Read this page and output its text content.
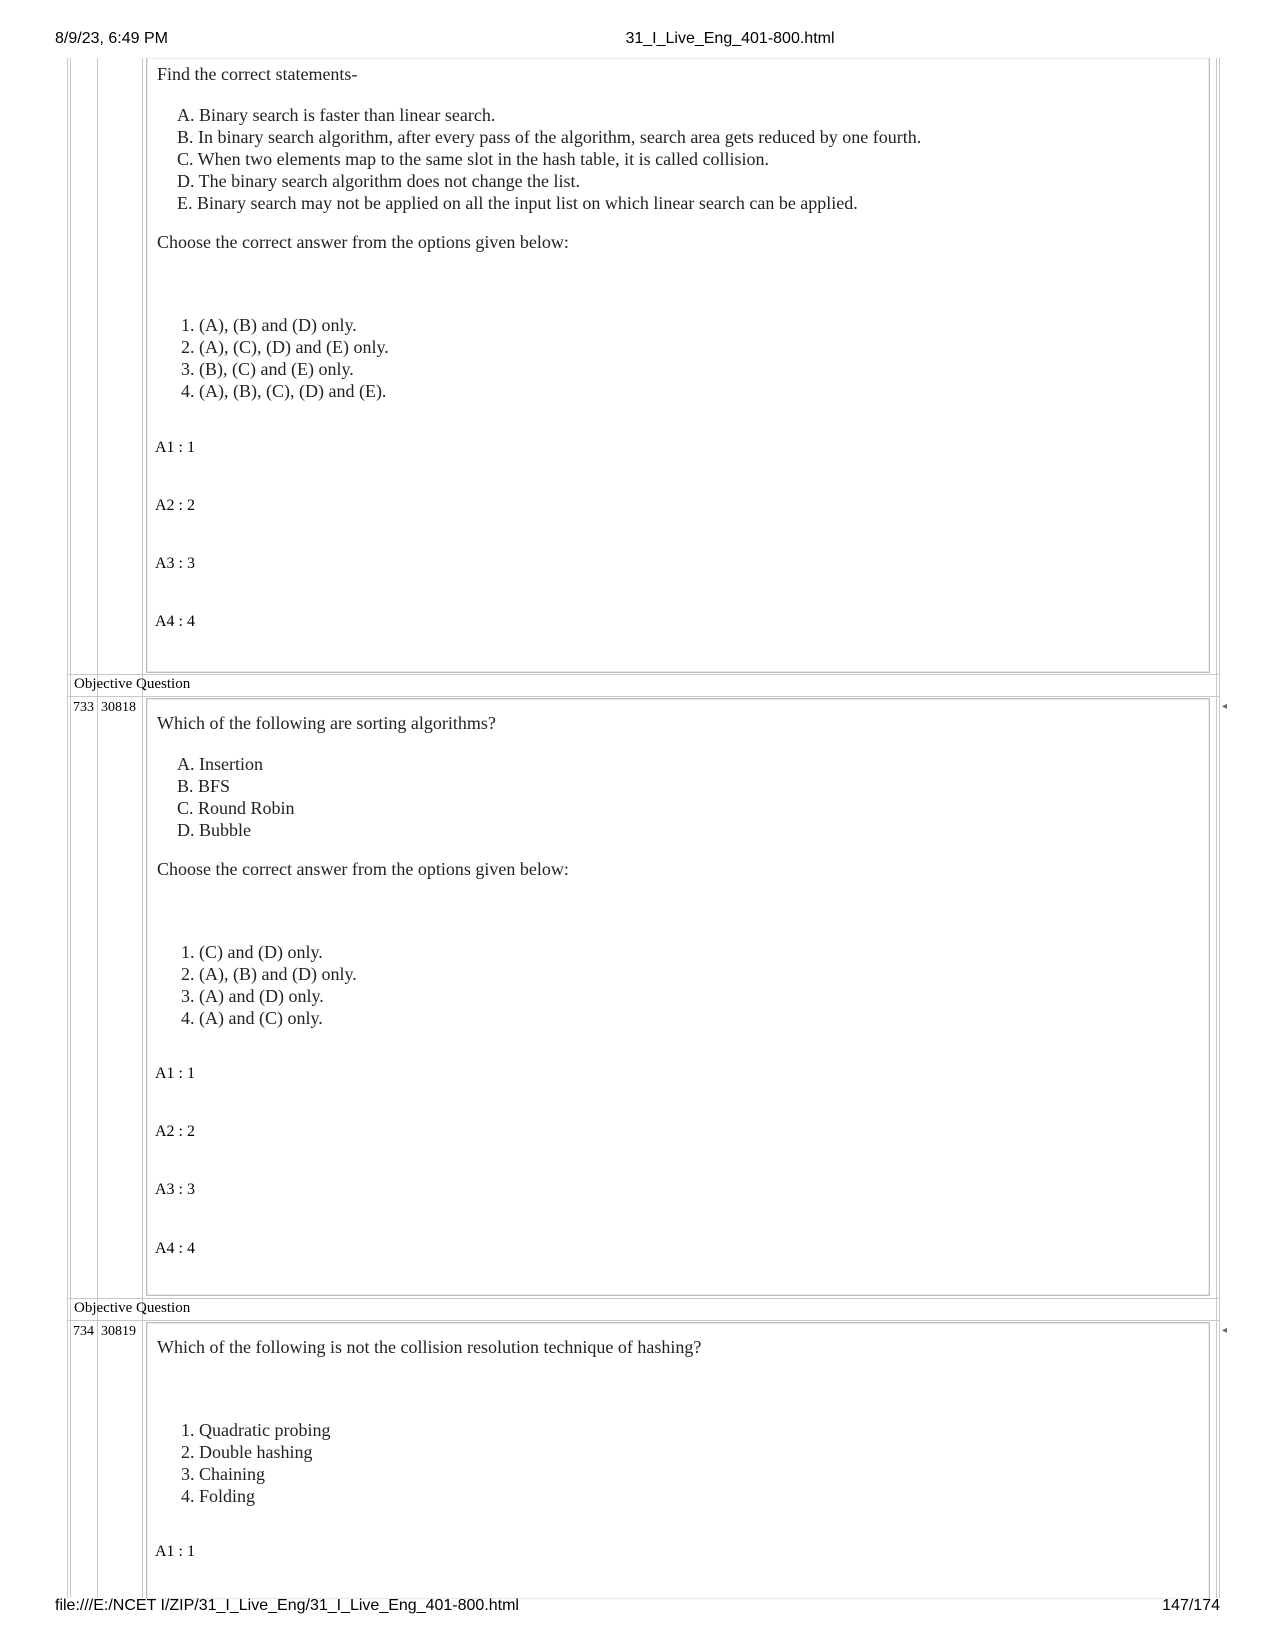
8/9/23, 6:49 PM	31_I_Live_Eng_401-800.html
Find the correct statements-
A. Binary search is faster than linear search.
B. In binary search algorithm, after every pass of the algorithm, search area gets reduced by one fourth.
C. When two elements map to the same slot in the hash table, it is called collision.
D. The binary search algorithm does not change the list.
E. Binary search may not be applied on all the input list on which linear search can be applied.
Choose the correct answer from the options given below:
1. (A), (B) and (D) only.
2. (A), (C), (D) and (E) only.
3. (B), (C) and (E) only.
4. (A), (B), (C), (D) and (E).
A1 : 1
A2 : 2
A3 : 3
A4 : 4
Objective Question
733 30818	◂
Which of the following are sorting algorithms?
A. Insertion
B. BFS
C. Round Robin
D. Bubble
Choose the correct answer from the options given below:
1. (C) and (D) only.
2. (A), (B) and (D) only.
3. (A) and (D) only.
4. (A) and (C) only.
A1 : 1
A2 : 2
A3 : 3
A4 : 4
Objective Question
734 30819	◂
Which of the following is not the collision resolution technique of hashing?
1. Quadratic probing
2. Double hashing
3. Chaining
4. Folding
A1 : 1
file:///E:/NCET I/ZIP/31_I_Live_Eng/31_I_Live_Eng_401-800.html	147/174
